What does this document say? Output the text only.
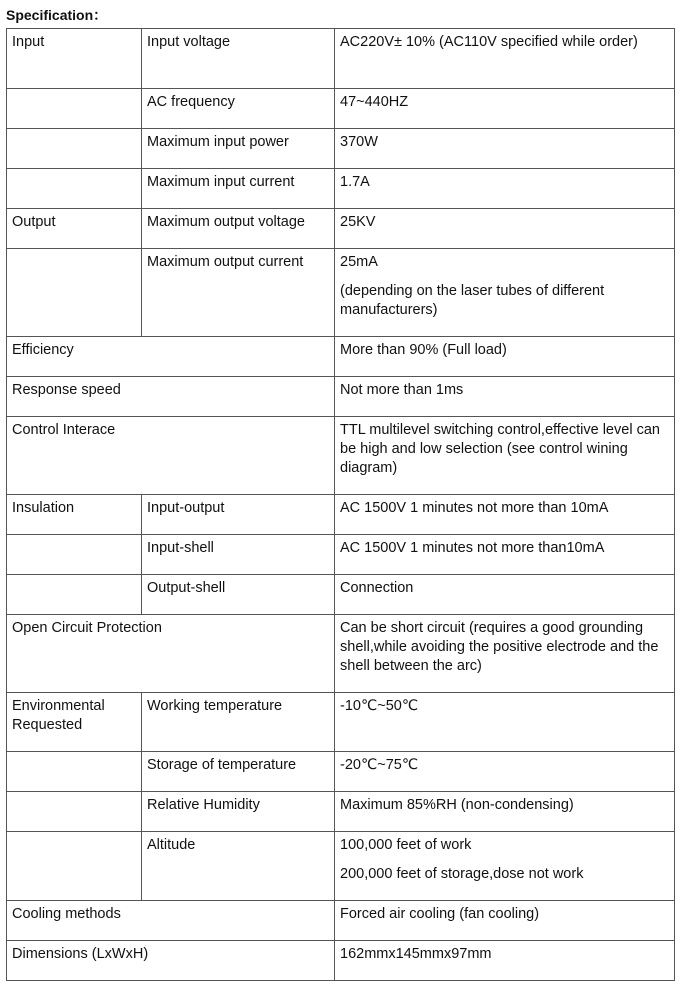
Specification：
Input	Input voltage	AC220V± 10% (AC110V specified while order)
	AC frequency	47~440HZ
	Maximum input power	370W
	Maximum input current	1.7A
Output	Maximum output voltage	25KV
	Maximum output current	25mA
(depending on the laser tubes of different manufacturers)

Efficiency		More than 90% (Full load)
Response speed		Not more than 1ms
Control Interace		TTL multilevel switching control,effective level can be high and low selection (see control wining diagram)
Insulation	Input-output	AC 1500V 1 minutes not more than 10mA
	Input-shell	AC 1500V 1 minutes not more than10mA
	Output-shell	Connection
Open Circuit Protection		Can be short circuit (requires a good grounding shell,while avoiding the positive electrode and the shell between the arc)
Environmental Requested	Working temperature	-10℃~50℃
	Storage of temperature	-20℃~75℃
	Relative Humidity	Maximum 85%RH (non-condensing)
	Altitude	100,000 feet of work
200,000 feet of storage,dose not work

Cooling methods		Forced air cooling (fan cooling)
Dimensions (LxWxH)		162mmx145mmx97mm
